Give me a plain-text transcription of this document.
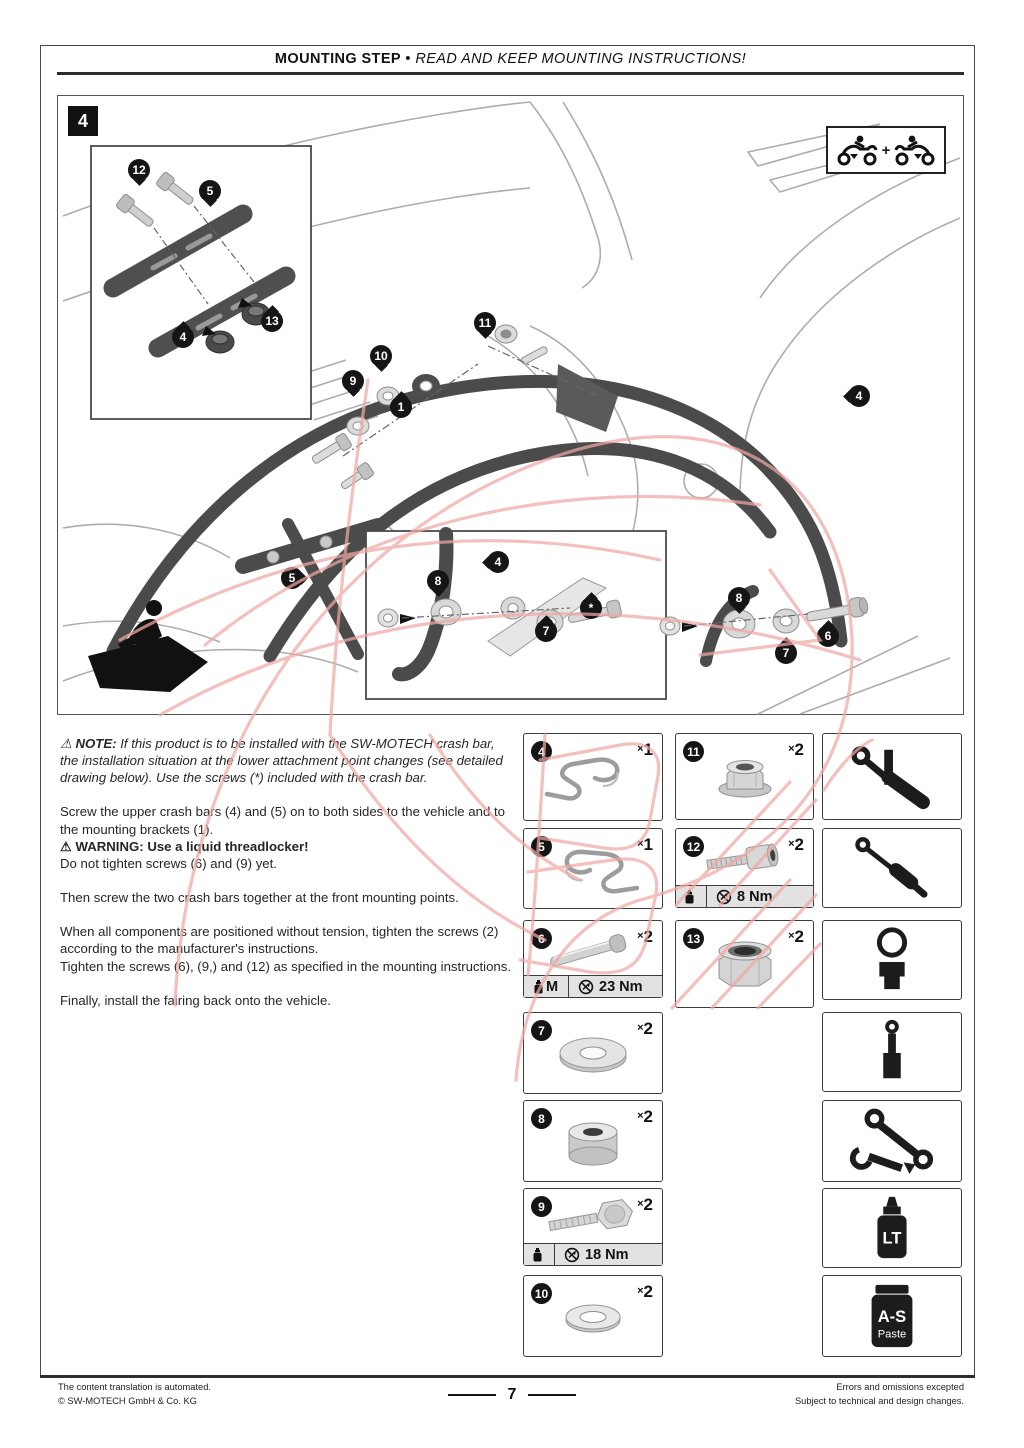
MOUNTING STEP • READ AND KEEP MOUNTING INSTRUCTIONS!
4
+
12
5
4
13
9
10
1
11
4
5
4
8
7
*
8
7
6
⚠ NOTE: If this product is to be installed with the SW-MOTECH crash bar, the installation situation at the lower attachment point changes (see detailed drawing below). Use the screws (*) included with the crash bar.
Screw the upper crash bars (4) and (5) on to both sides to the vehicle and to the mounting brackets (1).
⚠ WARNING: Use a liquid threadlocker!
Do not tighten screws (6) and (9) yet.
Then screw the two crash bars together at the front mounting points.
When all components are positioned without tension, tighten the screws (2) according to the manufacturer's instructions.
Tighten the screws (6), (9,) and (12) as specified in the mounting instructions.
Finally, install the fairing back onto the vehicle.
4	×1
5	×1
6	×2
M	23 Nm
7	×2
8	×2
9	×2
18 Nm
10	×2
11	×2
12	×2
8 Nm
13	×2
LT
A-S
Paste
The content translation is automated.
© SW-MOTECH GmbH & Co. KG
Errors and omissions excepted
Subject to technical and design changes.
7
